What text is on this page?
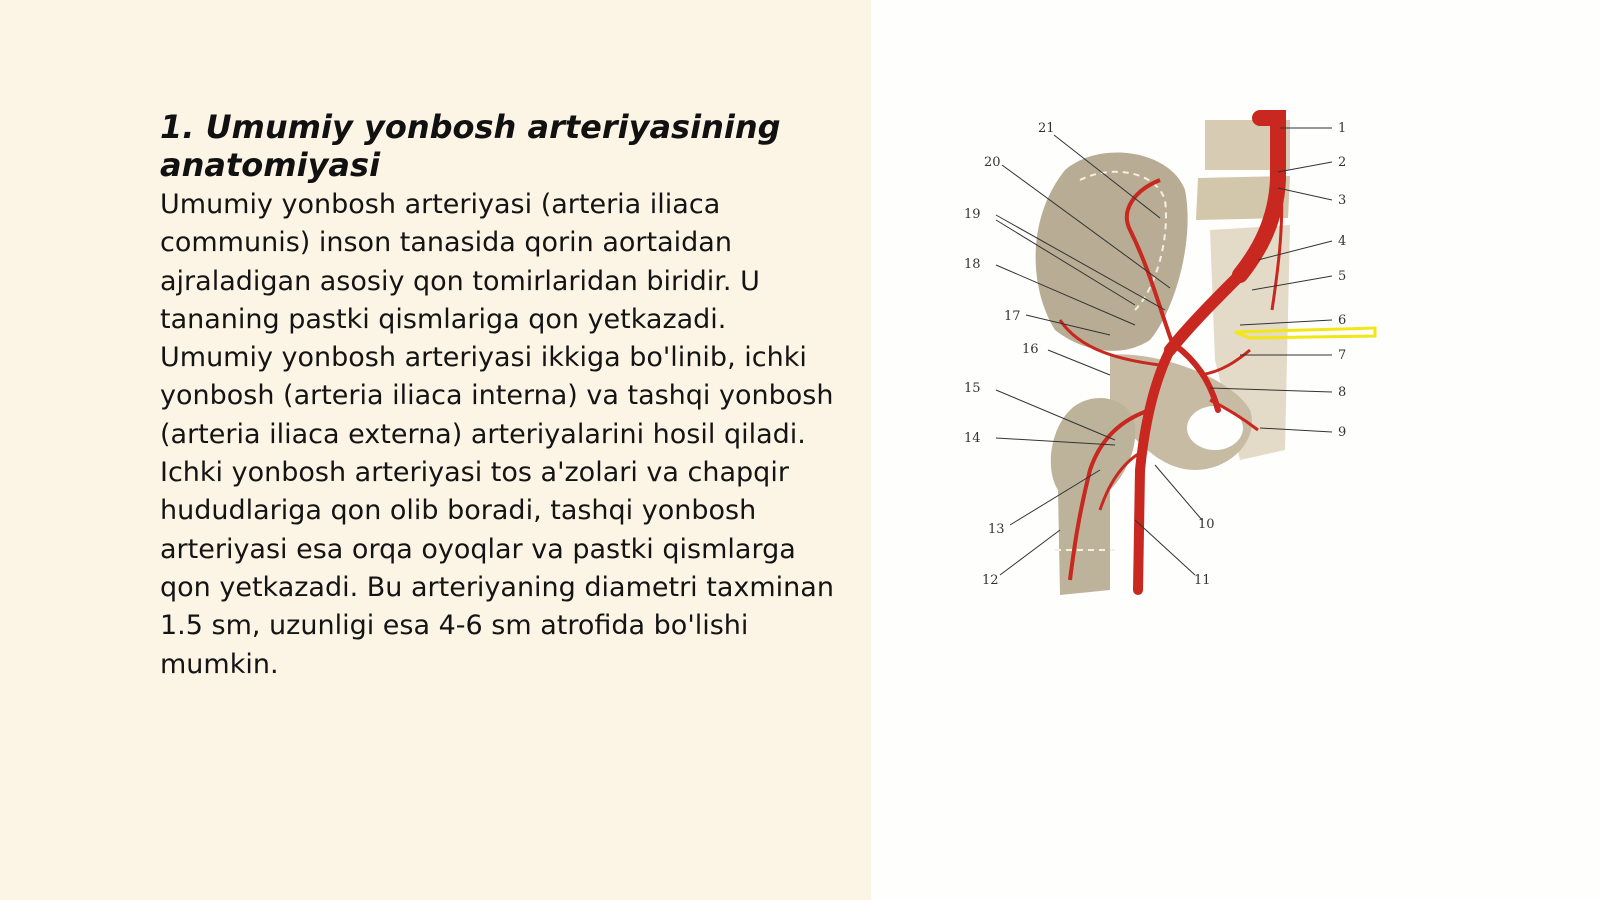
1. Umumiy yonbosh arteriyasining anatomiyasi

Umumiy yonbosh arteriyasi (arteria iliaca communis) inson tanasida qorin aortaidan ajraladigan asosiy qon tomirlaridan biridir. U tananing pastki qismlariga qon yetkazadi. Umumiy yonbosh arteriyasi ikkiga bo'linib, ichki yonbosh (arteria iliaca interna) va tashqi yonbosh (arteria iliaca externa) arteriyalarini hosil qiladi. Ichki yonbosh arteriyasi tos a'zolari va chapqir hududlariga qon olib boradi, tashqi yonbosh arteriyasi esa orqa oyoqlar va pastki qismlarga qon yetkazadi. Bu arteriyaning diametri taxminan 1.5 sm, uzunligi esa 4-6 sm atrofida bo'lishi mumkin.

1
2
3
4
5
6
7
8
9
10
11
21
20
19
18
17
16
15
14
13
12
